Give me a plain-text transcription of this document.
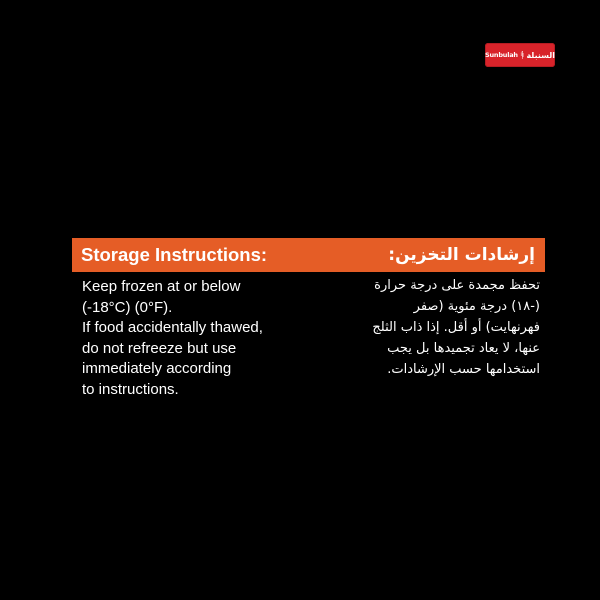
Sunbulah السنبلة
Storage Instructions:	إرشادات التخزين:
Keep frozen at or below
(-18°C) (0°F).
If food accidentally thawed,
do not refreeze but use
immediately according
to instructions.
تحفظ مجمدة على درجة حرارة
(-١٨) درجة مئوية (صفر
فهرنهايت) أو أقل. إذا ذاب الثلج
عنها، لا يعاد تجميدها بل يجب
استخدامها حسب الإرشادات.
